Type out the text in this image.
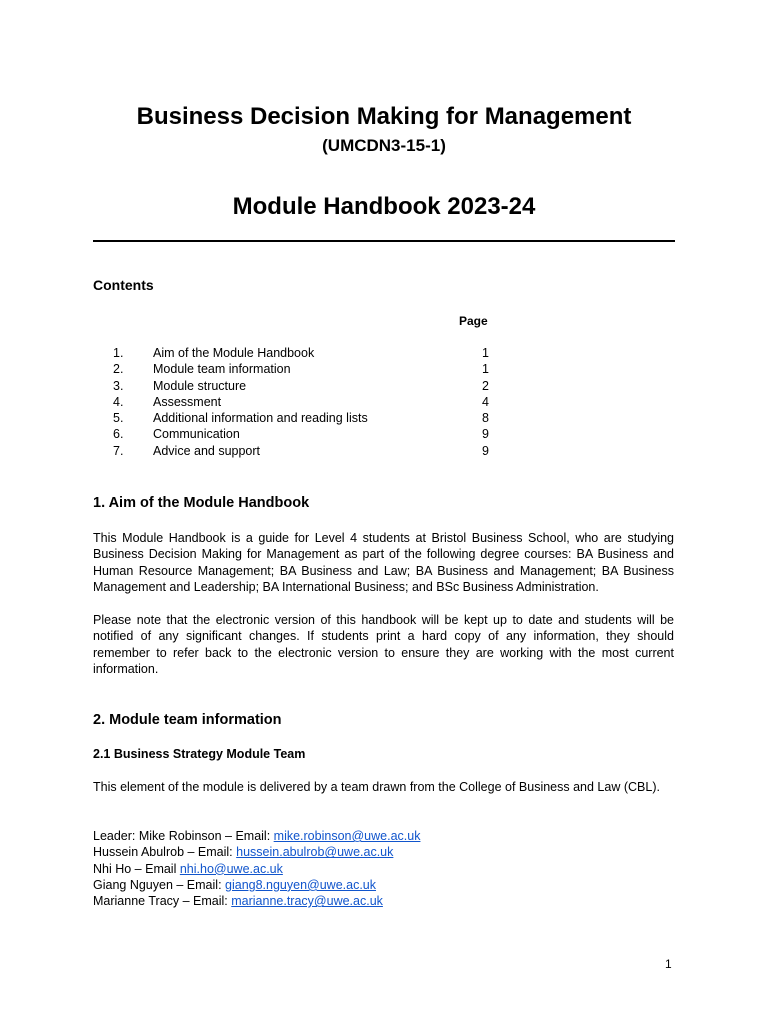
Business Decision Making for Management
(UMCDN3-15-1)
Module Handbook 2023-24
Contents
Page
1. Aim of the Module Handbook	1
2. Module team information	1
3. Module structure	2
4. Assessment	4
5. Additional information and reading lists	8
6. Communication	9
7. Advice and support	9
1. Aim of the Module Handbook
This Module Handbook is a guide for Level 4 students at Bristol Business School, who are studying Business Decision Making for Management as part of the following degree courses: BA Business and Human Resource Management; BA Business and Law; BA Business and Management; BA Business Management and Leadership; BA International Business; and BSc Business Administration.
Please note that the electronic version of this handbook will be kept up to date and students will be notified of any significant changes. If students print a hard copy of any information, they should remember to refer back to the electronic version to ensure they are working with the most current information.
2. Module team information
2.1 Business Strategy Module Team
This element of the module is delivered by a team drawn from the College of Business and Law (CBL).
Leader: Mike Robinson – Email: mike.robinson@uwe.ac.uk
Hussein Abulrob – Email: hussein.abulrob@uwe.ac.uk
Nhi Ho – Email nhi.ho@uwe.ac.uk
Giang Nguyen – Email: giang8.nguyen@uwe.ac.uk
Marianne Tracy – Email: marianne.tracy@uwe.ac.uk
1
